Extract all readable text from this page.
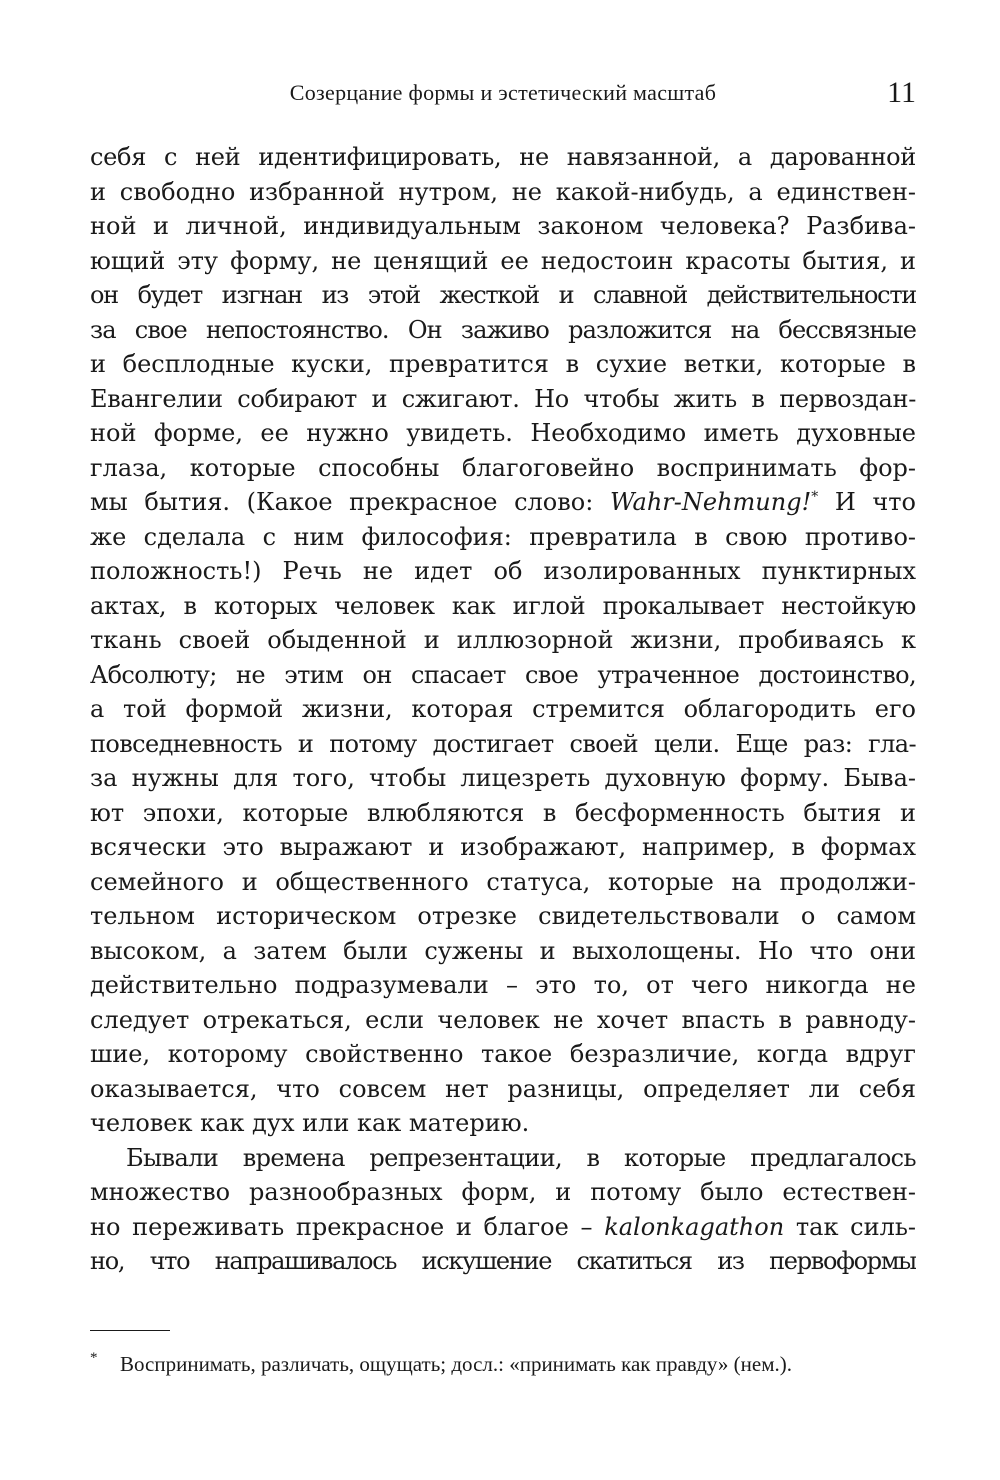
Созерцание формы и эстетический масштаб	11
себя с ней идентифицировать, не навязанной, а дарованной
и свободно избранной нутром, не какой-нибудь, а единствен-
ной и личной, индивидуальным законом человека? Разбива-
ющий эту форму, не ценящий ее недостоин красоты бытия, и
он будет изгнан из этой жесткой и славной действительности
за свое непостоянство. Он заживо разложится на бессвязные
и бесплодные куски, превратится в сухие ветки, которые в
Евангелии собирают и сжигают. Но чтобы жить в первоздан-
ной форме, ее нужно увидеть. Необходимо иметь духовные
глаза, которые способны благоговейно воспринимать фор-
мы бытия. (Какое прекрасное слово: Wahr-Nehmung!* И что
же сделала с ним философия: превратила в свою противо-
положность!) Речь не идет об изолированных пунктирных
актах, в которых человек как иглой прокалывает нестойкую
ткань своей обыденной и иллюзорной жизни, пробиваясь к
Абсолюту; не этим он спасает свое утраченное достоинство,
а той формой жизни, которая стремится облагородить его
повседневность и потому достигает своей цели. Еще раз: гла-
за нужны для того, чтобы лицезреть духовную форму. Быва-
ют эпохи, которые влюбляются в бесформенность бытия и
всячески это выражают и изображают, например, в формах
семейного и общественного статуса, которые на продолжи-
тельном историческом отрезке свидетельствовали о самом
высоком, а затем были сужены и выхолощены. Но что они
действительно подразумевали – это то, от чего никогда не
следует отрекаться, если человек не хочет впасть в равноду-
шие, которому свойственно такое безразличие, когда вдруг
оказывается, что совсем нет разницы, определяет ли себя
человек как дух или как материю.
Бывали времена репрезентации, в которые предлагалось
множество разнообразных форм, и потому было естествен-
но переживать прекрасное и благое – kalonkagathon так силь-
но, что напрашивалось искушение скатиться из первоформы
*	Воспринимать, различать, ощущать; досл.: «принимать как правду» (нем.).
